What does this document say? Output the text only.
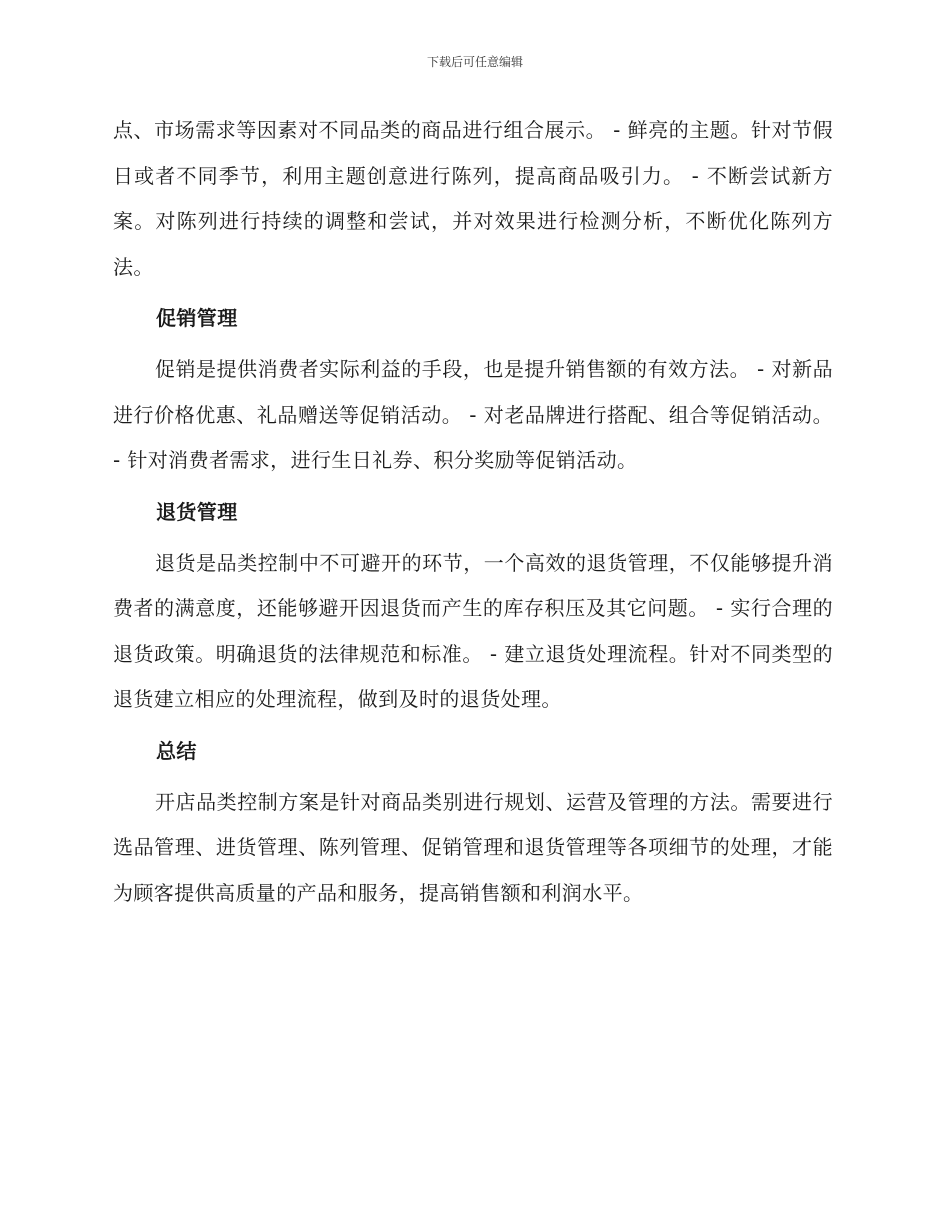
下载后可任意编辑

点、市场需求等因素对不同品类的商品进行组合展示。 - 鲜亮的主题。针对节假日或者不同季节，利用主题创意进行陈列，提高商品吸引力。 - 不断尝试新方案。对陈列进行持续的调整和尝试，并对效果进行检测分析，不断优化陈列方法。

促销管理

促销是提供消费者实际利益的手段，也是提升销售额的有效方法。 - 对新品进行价格优惠、礼品赠送等促销活动。 - 对老品牌进行搭配、组合等促销活动。 - 针对消费者需求，进行生日礼券、积分奖励等促销活动。

退货管理

退货是品类控制中不可避开的环节，一个高效的退货管理，不仅能够提升消费者的满意度，还能够避开因退货而产生的库存积压及其它问题。 - 实行合理的退货政策。明确退货的法律规范和标准。 - 建立退货处理流程。针对不同类型的退货建立相应的处理流程，做到及时的退货处理。

总结

开店品类控制方案是针对商品类别进行规划、运营及管理的方法。需要进行选品管理、进货管理、陈列管理、促销管理和退货管理等各项细节的处理，才能为顾客提供高质量的产品和服务，提高销售额和利润水平。
